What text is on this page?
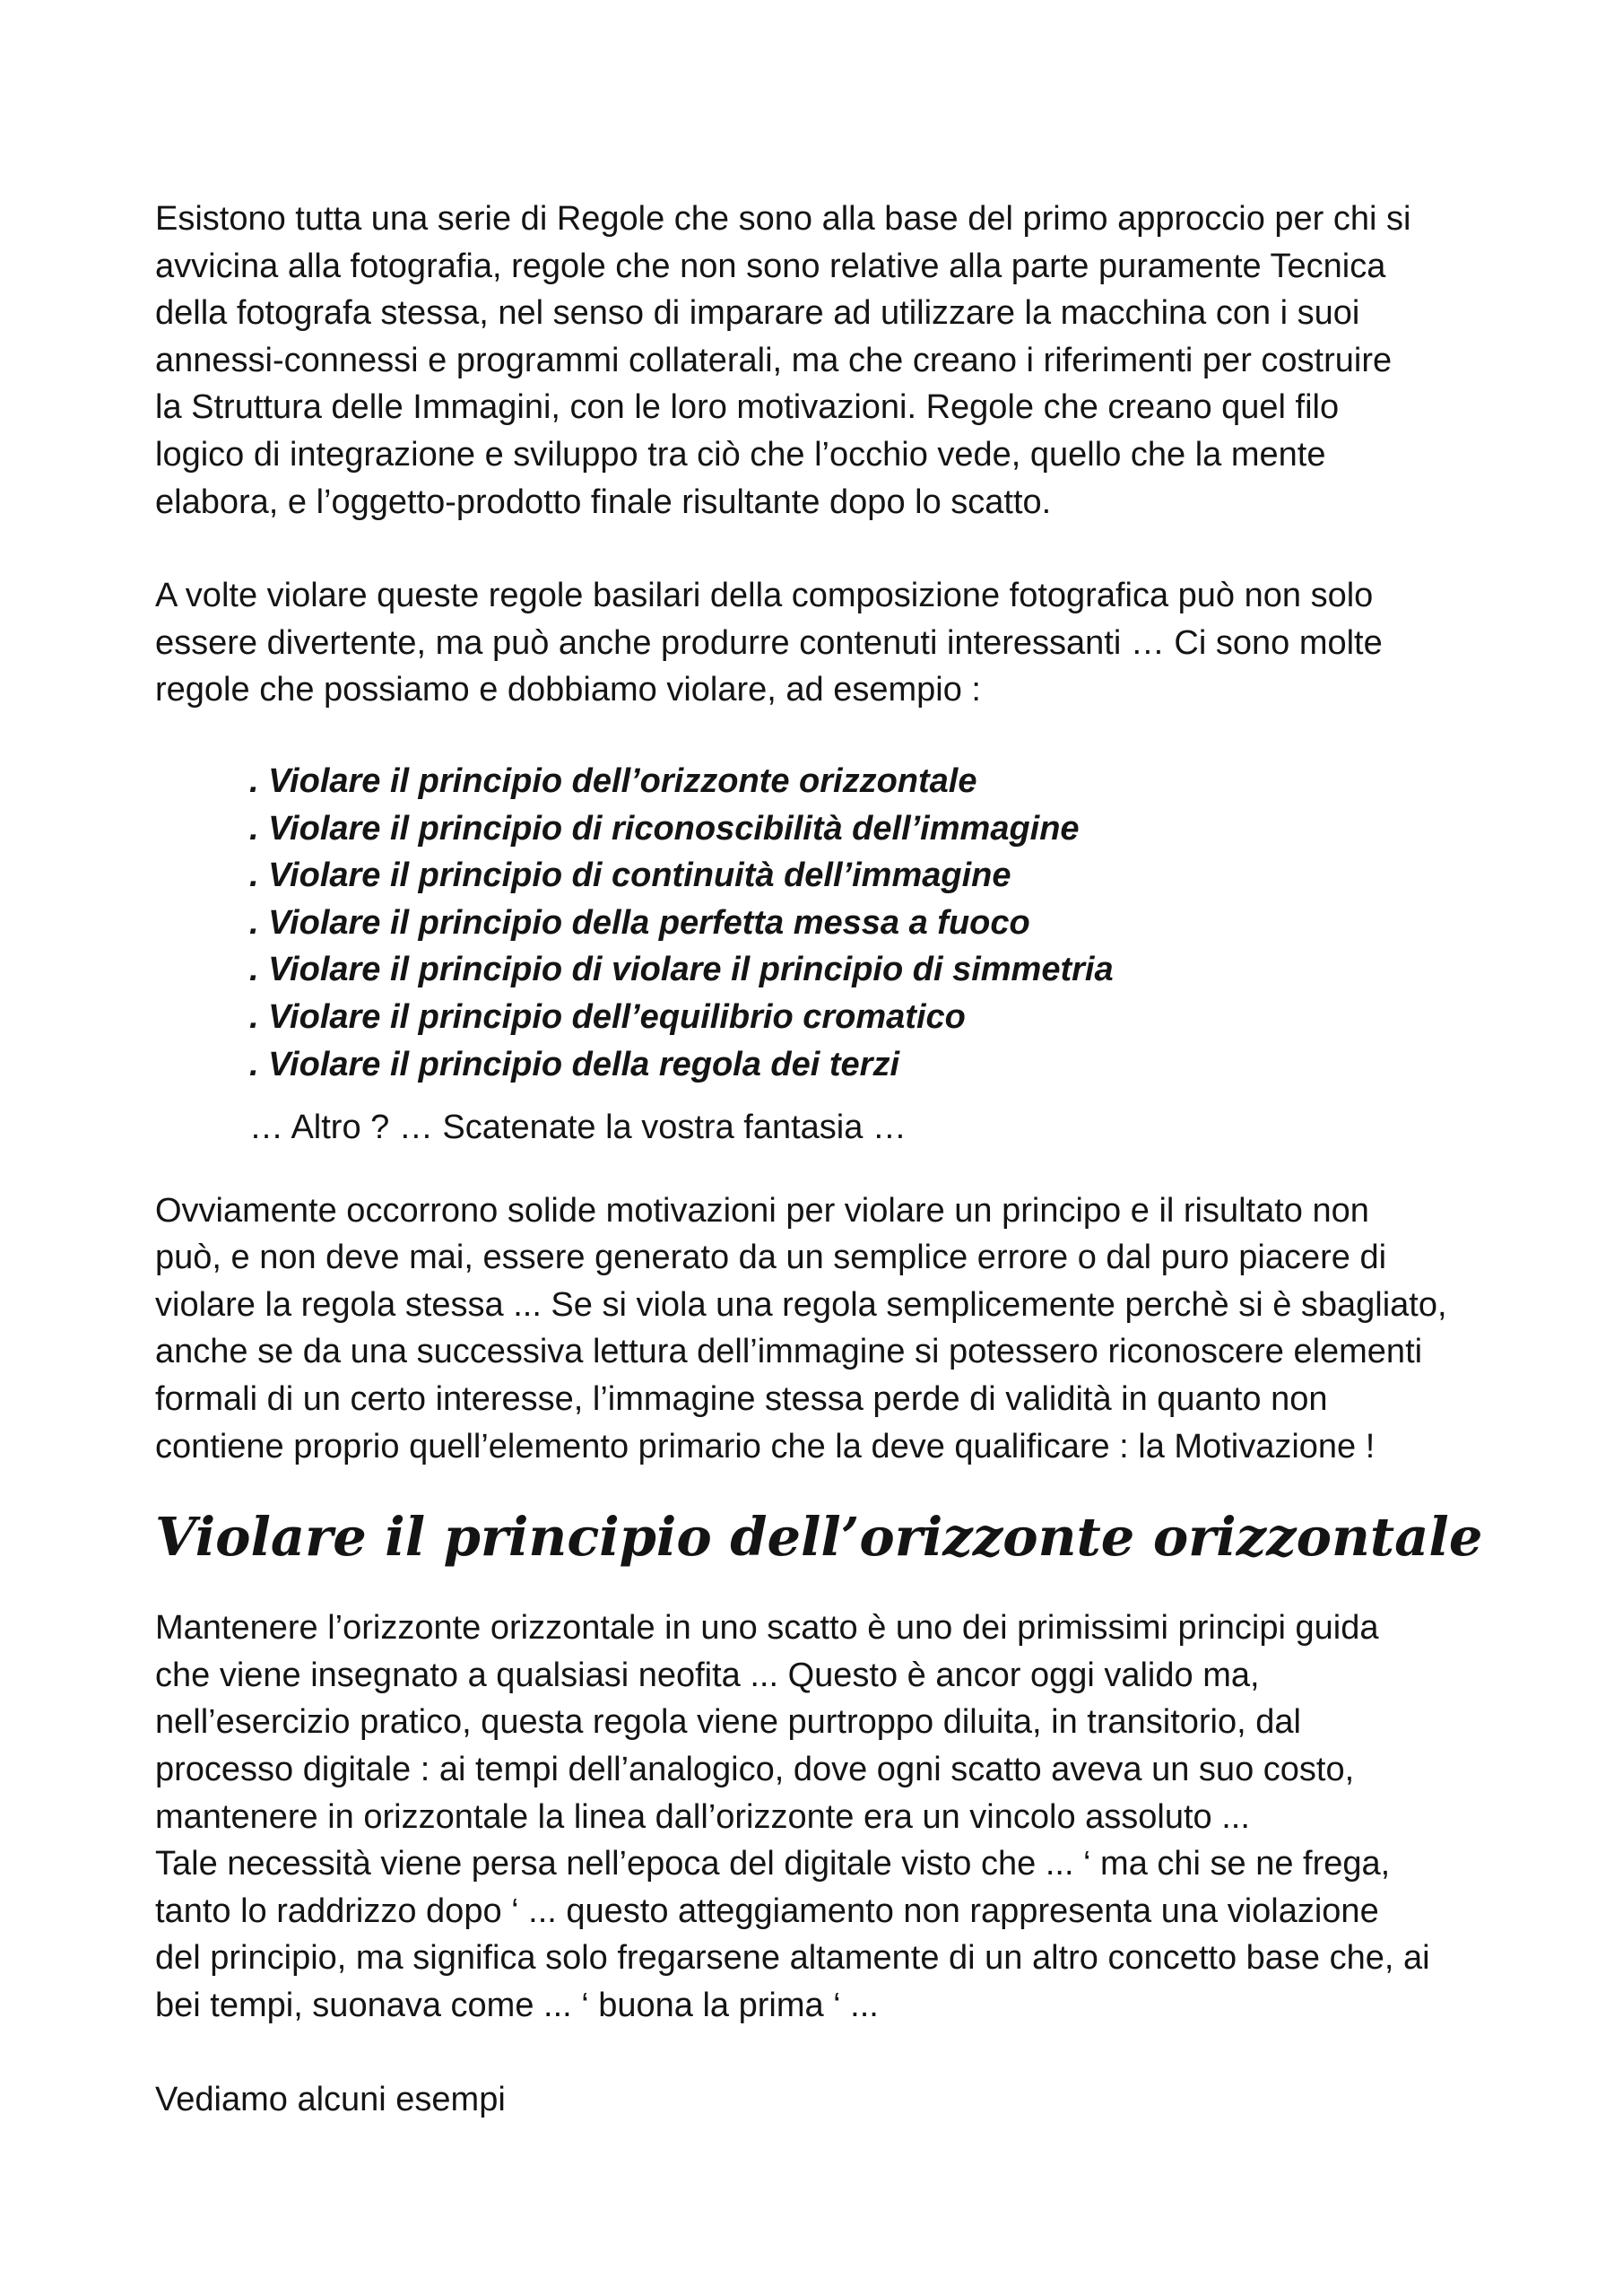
Esistono tutta una serie di Regole che sono alla base del primo approccio per chi si
avvicina alla fotografia, regole che non sono relative alla parte puramente Tecnica
della fotografa stessa, nel senso di imparare ad utilizzare la macchina con i suoi
annessi-connessi e programmi collaterali, ma che creano i riferimenti per costruire
la Struttura delle Immagini, con le loro motivazioni. Regole che creano quel filo
logico di integrazione e sviluppo tra ciò che l’occhio vede, quello che la mente
elabora, e l’oggetto-prodotto finale risultante dopo lo scatto.

A volte violare queste regole basilari della composizione fotografica può non solo
essere divertente, ma può anche produrre contenuti interessanti … Ci sono molte
regole che possiamo e dobbiamo violare, ad esempio :

. Violare il principio dell’orizzonte orizzontale
. Violare il principio di riconoscibilità dell’immagine
. Violare il principio di continuità dell’immagine
. Violare il principio della perfetta messa a fuoco
. Violare il principio di violare il principio di simmetria
. Violare il principio dell’equilibrio cromatico
. Violare il principio della regola dei terzi

… Altro ? … Scatenate la vostra fantasia …

Ovviamente occorrono solide motivazioni per violare un principo e il risultato non
può, e non deve mai, essere generato da un semplice errore o dal puro piacere di
violare la regola stessa ... Se si viola una regola semplicemente perchè si è sbagliato,
anche se da una successiva lettura dell’immagine si potessero riconoscere elementi
formali di un certo interesse, l’immagine stessa perde di validità in quanto non
contiene proprio quell’elemento primario che la deve qualificare : la Motivazione !

Violare il principio dell’orizzonte orizzontale

Mantenere l’orizzonte orizzontale in uno scatto è uno dei primissimi principi guida
che viene insegnato a qualsiasi neofita ... Questo è ancor oggi valido ma,
nell’esercizio pratico, questa regola viene purtroppo diluita, in transitorio, dal
processo digitale : ai tempi dell’analogico, dove ogni scatto aveva un suo costo,
mantenere in orizzontale la linea dall’orizzonte era un vincolo assoluto ...
Tale necessità viene persa nell’epoca del digitale visto che ... ‘ ma chi se ne frega,
tanto lo raddrizzo dopo ‘ ... questo atteggiamento non rappresenta una violazione
del principio, ma significa solo fregarsene altamente di un altro concetto base che, ai
bei tempi, suonava come ... ‘ buona la prima ‘ ...

Vediamo alcuni esempi
